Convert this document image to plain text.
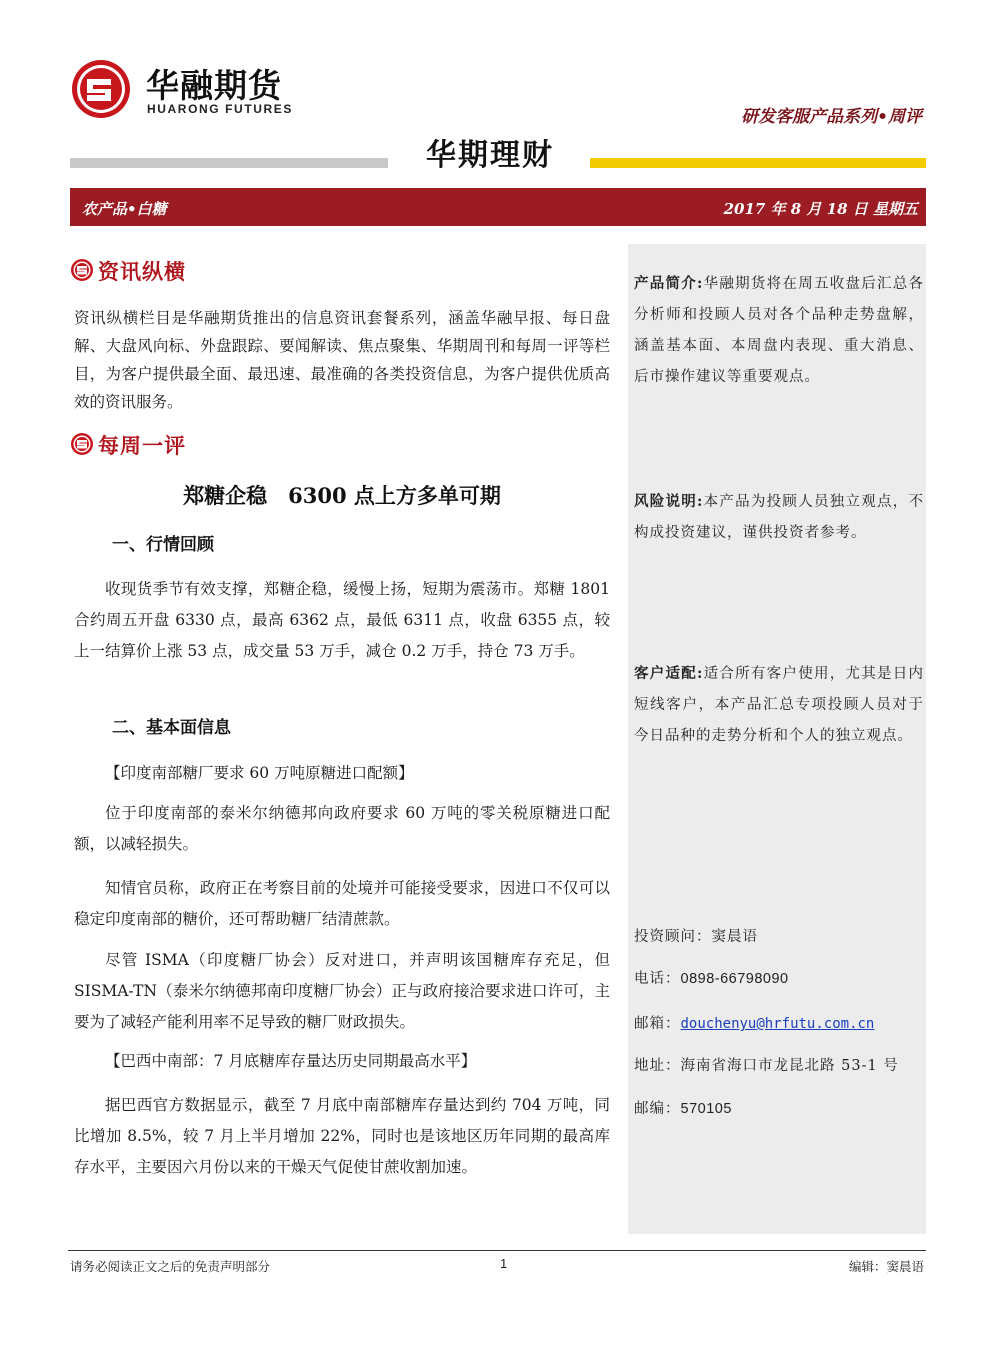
华融期货
HUARONG FUTURES	研发客服产品系列•周评
华期理财
农产品•白糖	2017 年 8 月 18 日 星期五
产品简介:华融期货将在周五收盘后汇总各分析师和投顾人员对各个品种走势盘解，涵盖基本面、本周盘内表现、重大消息、后市操作建议等重要观点。
风险说明:本产品为投顾人员独立观点，不构成投资建议，谨供投资者参考。
客户适配:适合所有客户使用，尤其是日内短线客户，本产品汇总专项投顾人员对于今日品种的走势分析和个人的独立观点。
投资顾问：窦晨语
电话：0898-66798090
邮箱：douchenyu@hrfutu.com.cn
地址：海南省海口市龙昆北路 53-1 号
邮编：570105
资讯纵横
资讯纵横栏目是华融期货推出的信息资讯套餐系列，涵盖华融早报、每日盘解、大盘风向标、外盘跟踪、要闻解读、焦点聚集、华期周刊和每周一评等栏目，为客户提供最全面、最迅速、最准确的各类投资信息，为客户提供优质高效的资讯服务。
每周一评
郑糖企稳　6300 点上方多单可期
一、行情回顾
收现货季节有效支撑，郑糖企稳，缓慢上扬，短期为震荡市。郑糖 1801 合约周五开盘 6330 点，最高 6362 点，最低 6311 点，收盘 6355 点，较上一结算价上涨 53 点，成交量 53 万手，减仓 0.2 万手，持仓 73 万手。
二、基本面信息
【印度南部糖厂要求 60 万吨原糖进口配额】
位于印度南部的泰米尔纳德邦向政府要求 60 万吨的零关税原糖进口配额，以减轻损失。
知情官员称，政府正在考察目前的处境并可能接受要求，因进口不仅可以稳定印度南部的糖价，还可帮助糖厂结清蔗款。
尽管 ISMA（印度糖厂协会）反对进口，并声明该国糖库存充足，但 SISMA-TN（泰米尔纳德邦南印度糖厂协会）正与政府接洽要求进口许可，主要为了减轻产能利用率不足导致的糖厂财政损失。
【巴西中南部：7 月底糖库存量达历史同期最高水平】
据巴西官方数据显示，截至 7 月底中南部糖库存量达到约 704 万吨，同比增加 8.5%，较 7 月上半月增加 22%，同时也是该地区历年同期的最高库存水平，主要因六月份以来的干燥天气促使甘蔗收割加速。
请务必阅读正文之后的免责声明部分	1	编辑：窦晨语
